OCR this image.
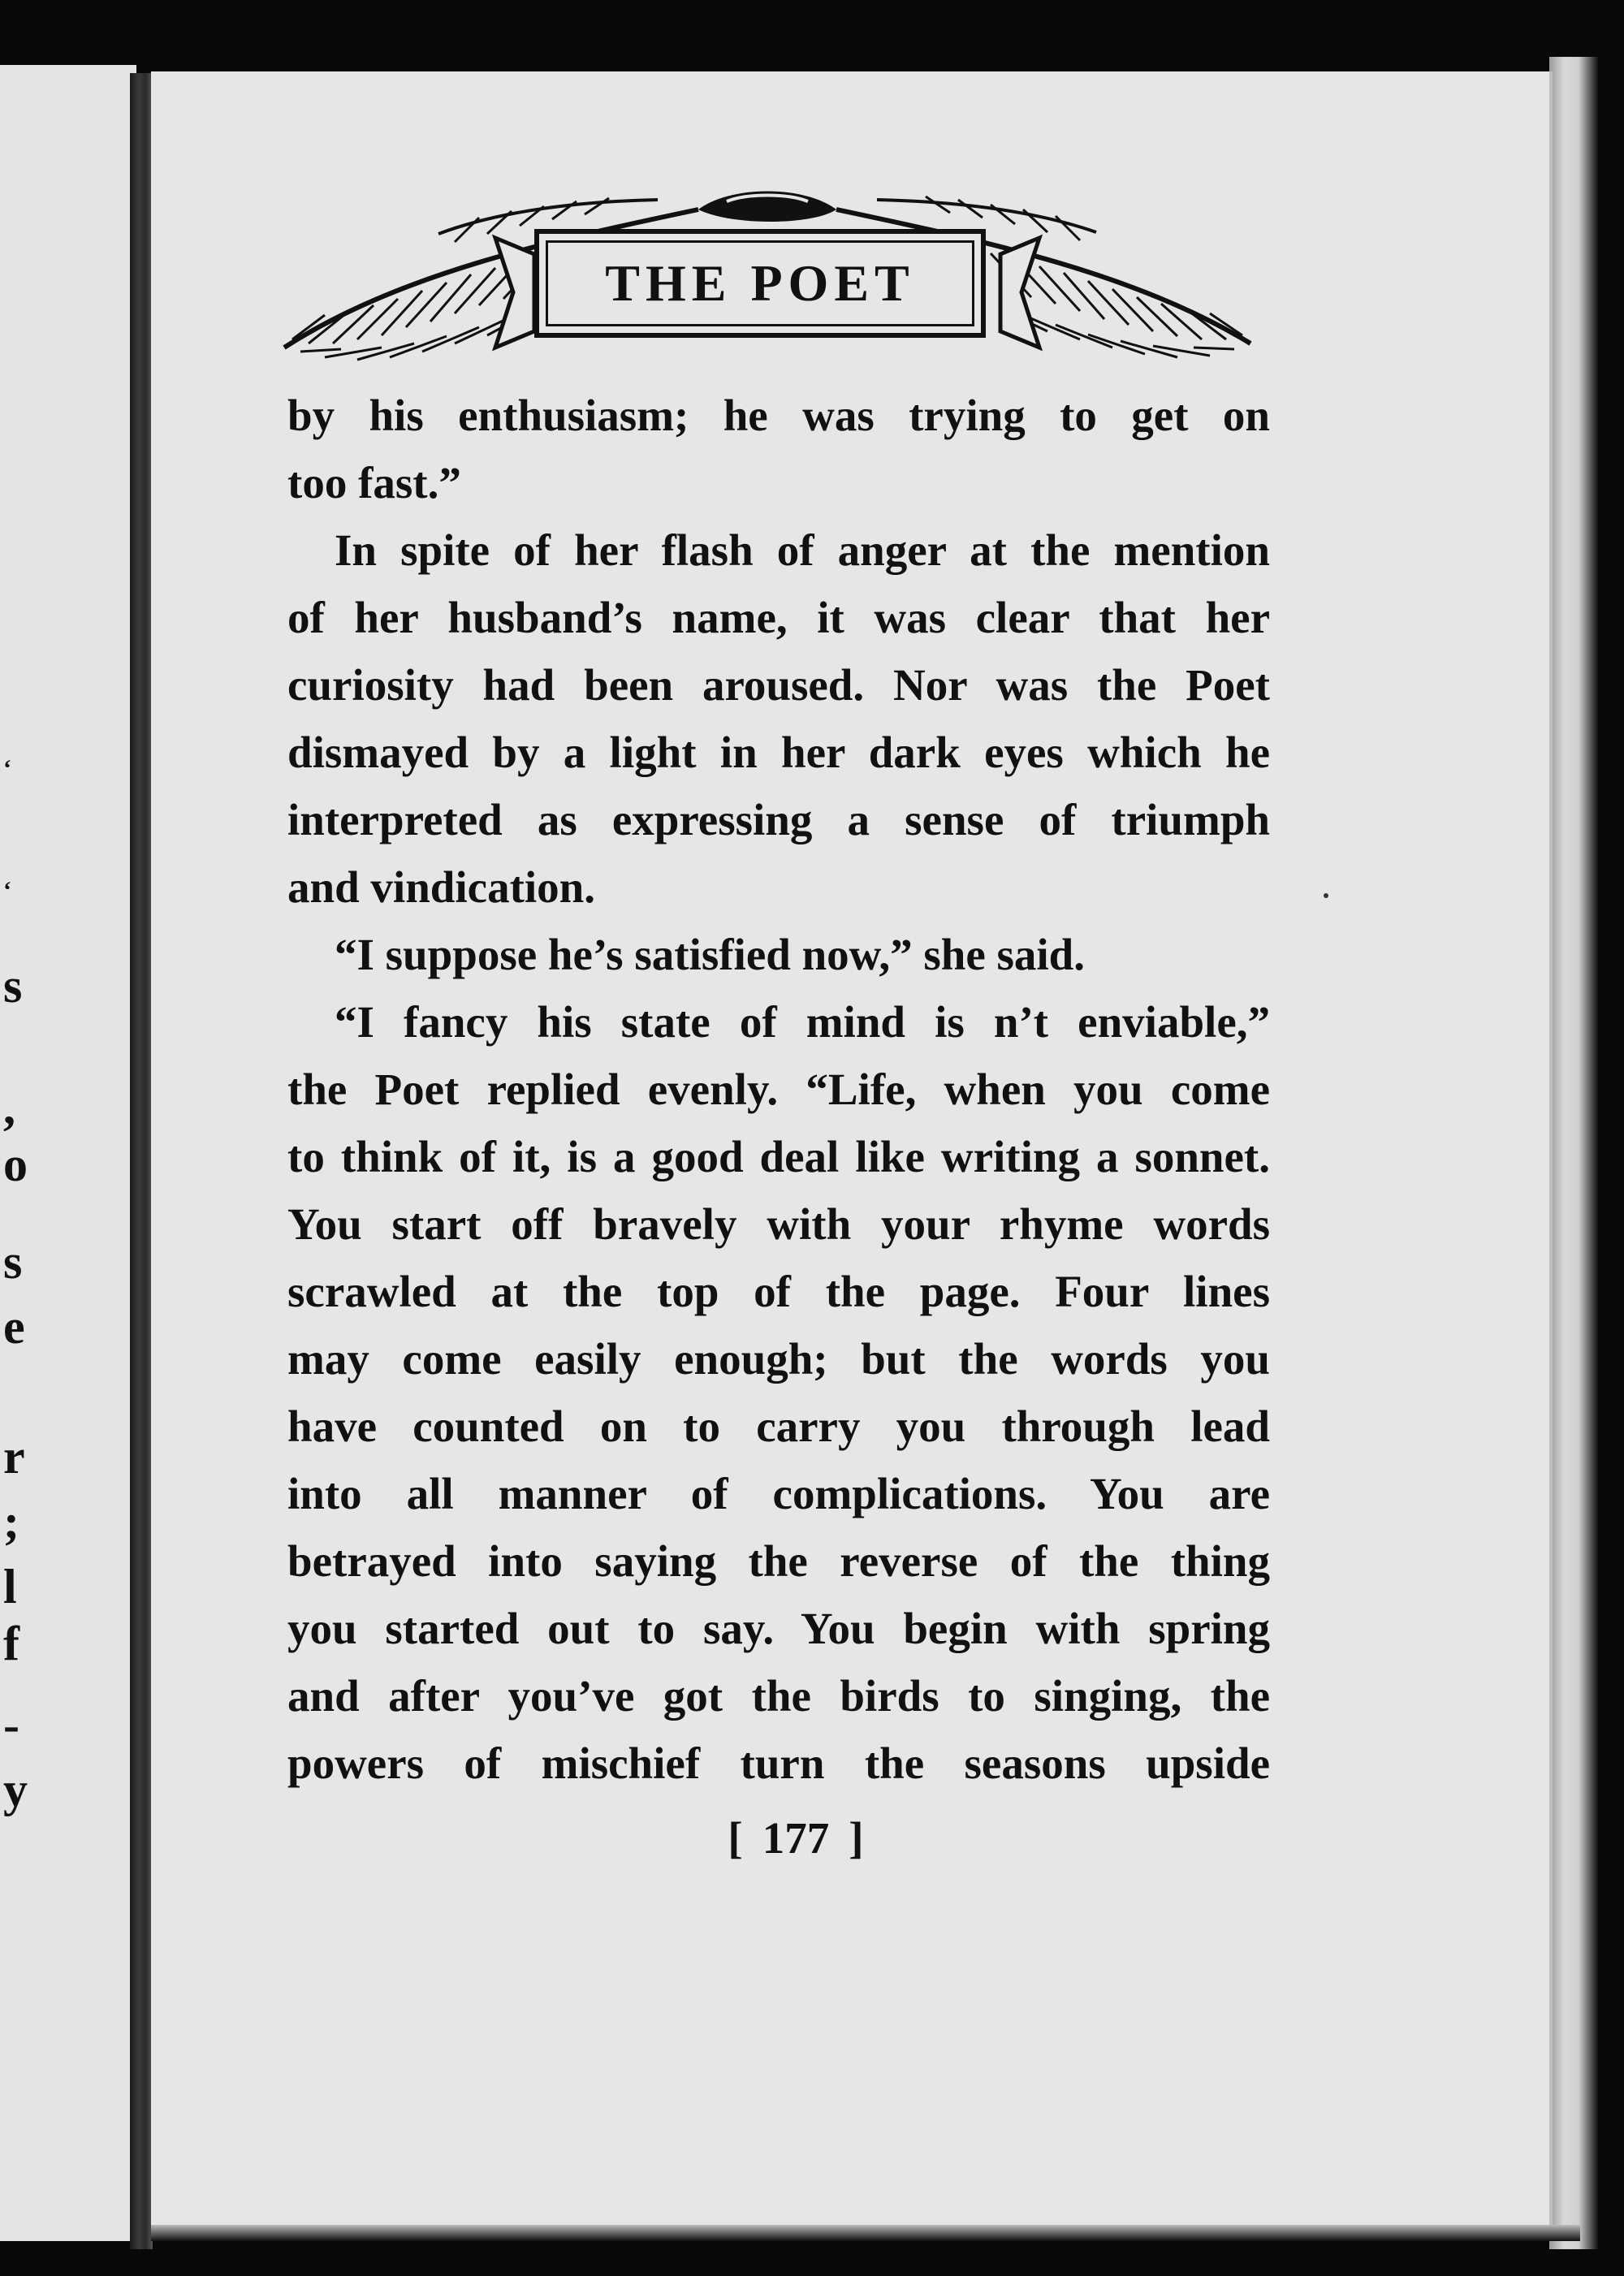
‘
‘
s
,
o
s
e
r
;
l
f
-
y
THE POET
by his enthusiasm; he was trying to get on
too fast.”
In spite of her flash of anger at the mention
of her husband’s name, it was clear that her
curiosity had been aroused. Nor was the Poet
dismayed by a light in her dark eyes which he
interpreted as expressing a sense of triumph
and vindication.
“I suppose he’s satisfied now,” she said.
“I fancy his state of mind is n’t enviable,”
the Poet replied evenly. “Life, when you come
to think of it, is a good deal like writing a sonnet.
You start off bravely with your rhyme words
scrawled at the top of the page. Four lines
may come easily enough; but the words you
have counted on to carry you through lead
into all manner of complications. You are
betrayed into saying the reverse of the thing
you started out to say. You begin with spring
and after you’ve got the birds to singing, the
powers of mischief turn the seasons upside
[ 177 ]
